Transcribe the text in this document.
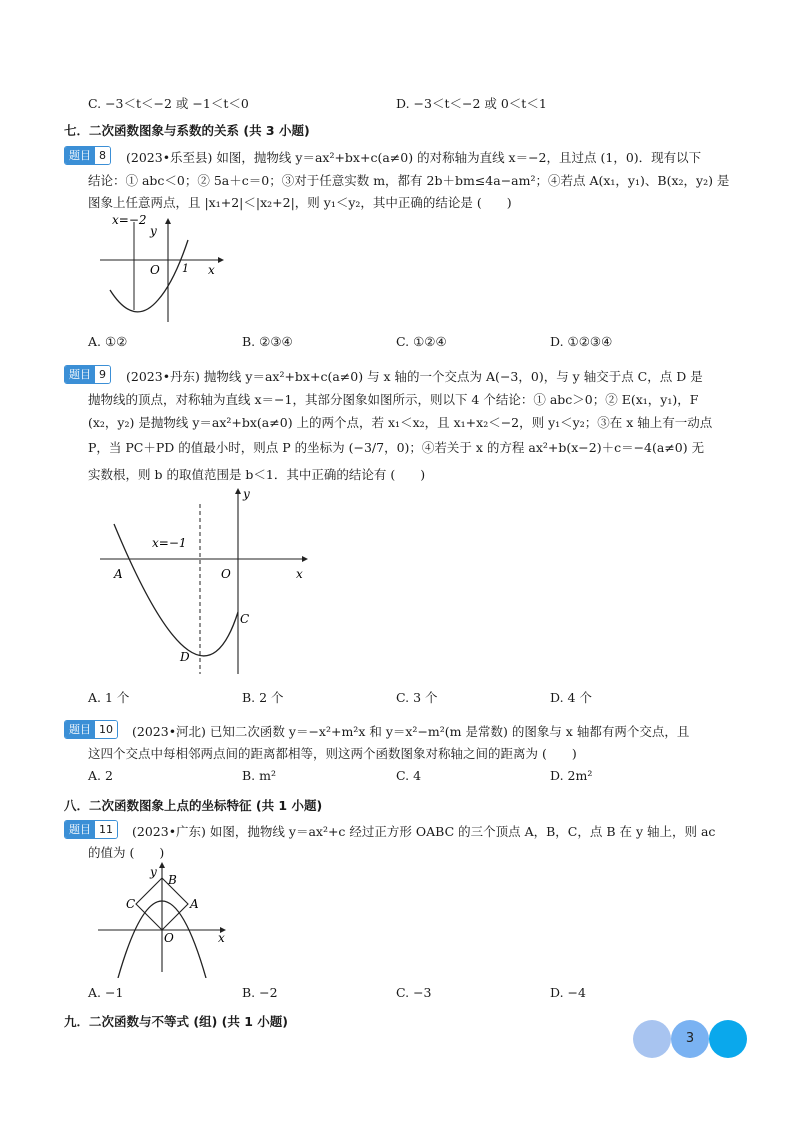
C. −3＜t＜−2 或 −1＜t＜0	D. −3＜t＜−2 或 0＜t＜1
七．二次函数图象与系数的关系 (共 3 小题)
题目 8	(2023•乐至县) 如图，抛物线 y＝ax²+bx+c(a≠0) 的对称轴为直线 x＝−2，且过点 (1，0)．现有以下
结论：① abc＜0；② 5a＋c＝0；③对于任意实数 m，都有 2b＋bm≤4a−am²；④若点 A(x₁，y₁)、B(x₂，y₂) 是
图象上任意两点，且 |x₁+2|＜|x₂+2|，则 y₁＜y₂，其中正确的结论是 (　　)
x=−2
y
O 1 x
A. ①②	B. ②③④	C. ①②④	D. ①②③④
题目 9	(2023•丹东) 抛物线 y＝ax²+bx+c(a≠0) 与 x 轴的一个交点为 A(−3，0)，与 y 轴交于点 C，点 D 是
抛物线的顶点，对称轴为直线 x＝−1，其部分图象如图所示，则以下 4 个结论：① abc＞0；② E(x₁，y₁)，F
(x₂，y₂) 是抛物线 y＝ax²+bx(a≠0) 上的两个点，若 x₁＜x₂，且 x₁+x₂＜−2，则 y₁＜y₂；③在 x 轴上有一动点
P，当 PC＋PD 的值最小时，则点 P 的坐标为 (−3/7，0)；④若关于 x 的方程 ax²+b(x−2)＋c＝−4(a≠0) 无
实数根，则 b 的取值范围是 b＜1．其中正确的结论有 (　　)
y
x=−1
A	O	x
C
D
A. 1 个	B. 2 个	C. 3 个	D. 4 个
题目 10	(2023•河北) 已知二次函数 y＝−x²+m²x 和 y＝x²−m²(m 是常数) 的图象与 x 轴都有两个交点，且
这四个交点中每相邻两点间的距离都相等，则这两个函数图象对称轴之间的距离为 (　　)
A. 2	B. m²	C. 4	D. 2m²
八．二次函数图象上点的坐标特征 (共 1 小题)
题目 11	(2023•广东) 如图，抛物线 y＝ax²+c 经过正方形 OABC 的三个顶点 A，B，C，点 B 在 y 轴上，则 ac
的值为 (　　)
y
B
C	A
O	x
A. −1	B. −2	C. −3	D. −4
九．二次函数与不等式 (组) (共 1 小题)
3
